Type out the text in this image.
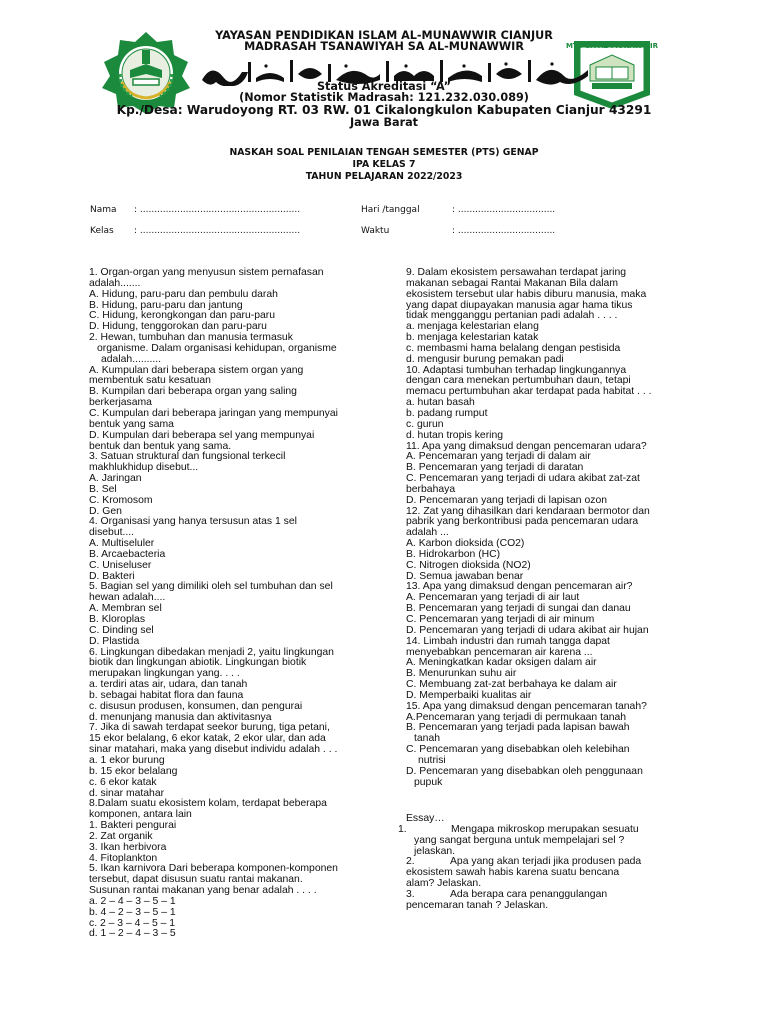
MTS SA AL-MUNAWWIR
YAYASAN PENDIDIKAN ISLAM AL-MUNAWWIR CIANJUR
MADRASAH TSANAWIYAH SA AL-MUNAWWIR
Status Akreditasi “A”
(Nomor Statistik Madrasah: 121.232.030.089)
Kp./Desa: Warudoyong RT. 03 RW. 01 Cikalongkulon Kabupaten Cianjur 43291
Jawa Barat
NASKAH SOAL PENILAIAN TENGAH SEMESTER (PTS) GENAP
IPA KELAS 7
TAHUN PELAJARAN 2022/2023
Nama : ........................................................	Hari /tanggal	: ..................................
Kelas : ........................................................	Waktu	: ..................................
1. Organ-organ yang menyusun sistem pernafasan
adalah.......
A. Hidung, paru-paru dan pembulu darah
B. Hidung, paru-paru dan jantung
C. Hidung, kerongkongan dan paru-paru
D. Hidung, tenggorokan dan paru-paru
2. Hewan, tumbuhan dan manusia termasuk
organisme. Dalam organisasi kehidupan, organisme
adalah..........
A. Kumpulan dari beberapa sistem organ yang
membentuk satu kesatuan
B. Kumpilan dari beberapa organ yang saling
berkerjasama
C. Kumpulan dari beberapa jaringan yang mempunyai
bentuk yang sama
D. Kumpulan dari beberapa sel yang mempunyai
bentuk dan bentuk yang sama.
3. Satuan struktural dan fungsional terkecil
makhlukhidup disebut...
A. Jaringan
B. Sel
C. Kromosom
D. Gen
4. Organisasi yang hanya tersusun atas 1 sel
disebut....
A. Multiseluler
B. Arcaebacteria
C. Uniseluser
D. Bakteri
5. Bagian sel yang dimiliki oleh sel tumbuhan dan sel
hewan adalah....
A. Membran sel
B. Kloroplas
C. Dinding sel
D. Plastida
6. Lingkungan dibedakan menjadi 2, yaitu lingkungan
biotik dan lingkungan abiotik. Lingkungan biotik
merupakan lingkungan yang. . . .
a. terdiri atas air, udara, dan tanah
b. sebagai habitat flora dan fauna
c. disusun produsen, konsumen, dan pengurai
d. menunjang manusia dan aktivitasnya
7. Jika di sawah terdapat seekor burung, tiga petani,
15 ekor belalang, 6 ekor katak, 2 ekor ular, dan ada
sinar matahari, maka yang disebut individu adalah . . .
a. 1 ekor burung
b. 15 ekor belalang
c. 6 ekor katak
d. sinar matahar
8.Dalam suatu ekosistem kolam, terdapat beberapa
komponen, antara lain
1. Bakteri pengurai
2. Zat organik
3. Ikan herbivora
4. Fitoplankton
5. Ikan karnivora Dari beberapa komponen-komponen
tersebut, dapat disusun suatu rantai makanan.
Susunan rantai makanan yang benar adalah . . . .
a. 2 – 4 – 3 – 5 – 1
b. 4 – 2 – 3 – 5 – 1
c. 2 – 3 – 4 – 5 – 1
d. 1 – 2 – 4 – 3 – 5
9. Dalam ekosistem persawahan terdapat jaring
makanan sebagai Rantai Makanan Bila dalam
ekosistem tersebut ular habis diburu manusia, maka
yang dapat diupayakan manusia agar hama tikus
tidak mengganggu pertanian padi adalah . . . .
a. menjaga kelestarian elang
b. menjaga kelestarian katak
c. membasmi hama belalang dengan pestisida
d. mengusir burung pemakan padi
10. Adaptasi tumbuhan terhadap lingkungannya
dengan cara menekan pertumbuhan daun, tetapi
memacu pertumbuhan akar terdapat pada habitat . . .
a. hutan basah
b. padang rumput
c. gurun
d. hutan tropis kering
11. Apa yang dimaksud dengan pencemaran udara?
A. Pencemaran yang terjadi di dalam air
B. Pencemaran yang terjadi di daratan
C. Pencemaran yang terjadi di udara akibat zat-zat
berbahaya
D. Pencemaran yang terjadi di lapisan ozon
12. Zat yang dihasilkan dari kendaraan bermotor dan
pabrik yang berkontribusi pada pencemaran udara
adalah ...
A. Karbon dioksida (CO2)
B. Hidrokarbon (HC)
C. Nitrogen dioksida (NO2)
D. Semua jawaban benar
13. Apa yang dimaksud dengan pencemaran air?
A. Pencemaran yang terjadi di air laut
B. Pencemaran yang terjadi di sungai dan danau
C. Pencemaran yang terjadi di air minum
D. Pencemaran yang terjadi di udara akibat air hujan
14. Limbah industri dan rumah tangga dapat
menyebabkan pencemaran air karena ...
A. Meningkatkan kadar oksigen dalam air
B. Menurunkan suhu air
C. Membuang zat-zat berbahaya ke dalam air
D. Memperbaiki kualitas air
15. Apa yang dimaksud dengan pencemaran tanah?
A.Pencemaran yang terjadi di permukaan tanah
B. Pencemaran yang terjadi pada lapisan bawah
tanah
C. Pencemaran yang disebabkan oleh kelebihan
nutrisi
D. Pencemaran yang disebabkan oleh penggunaan
pupuk
Essay…
1.	Mengapa mikroskop merupakan sesuatu
yang sangat berguna untuk mempelajari sel ?
jelaskan.
2.	Apa yang akan terjadi jika produsen pada
ekosistem sawah habis karena suatu bencana
alam? Jelaskan.
3.	Ada berapa cara penanggulangan
pencemaran tanah ? Jelaskan.
